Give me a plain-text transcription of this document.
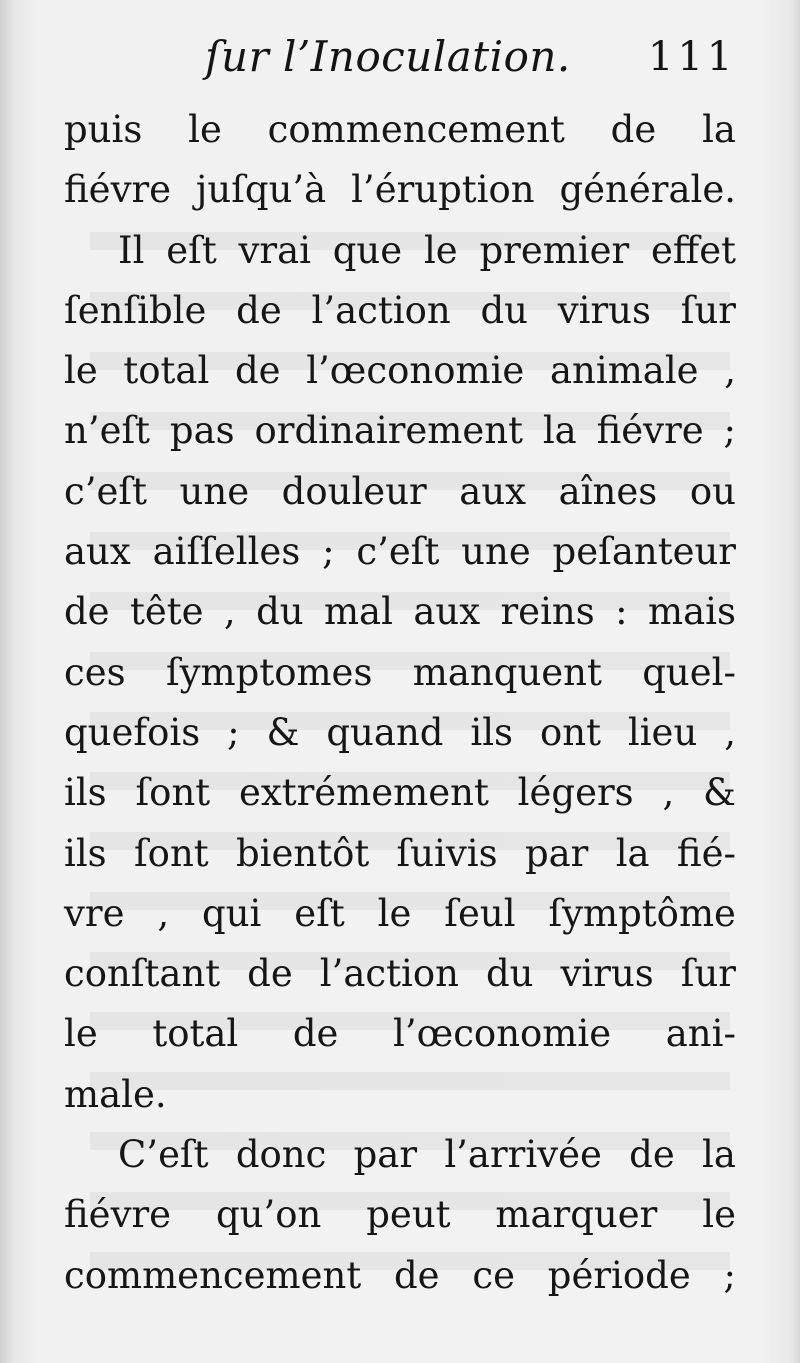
ſur l’Inoculation. 111
puis le commencement de la
fiévre juſqu’à l’éruption générale.
Il eſt vrai que le premier effet
ſenſible de l’action du virus ſur
le total de l’œconomie animale ,
n’eſt pas ordinairement la fiévre ;
c’eſt une douleur aux aînes ou
aux aiſſelles ; c’eſt une peſanteur
de tête , du mal aux reins : mais
ces ſymptomes manquent quel-
quefois ; & quand ils ont lieu ,
ils ſont extrémement légers , &
ils ſont bientôt ſuivis par la fié-
vre , qui eſt le ſeul ſymptôme
conſtant de l’action du virus ſur
le total de l’œconomie ani-
male.
C’eſt donc par l’arrivée de la
fiévre qu’on peut marquer le
commencement de ce période ;
